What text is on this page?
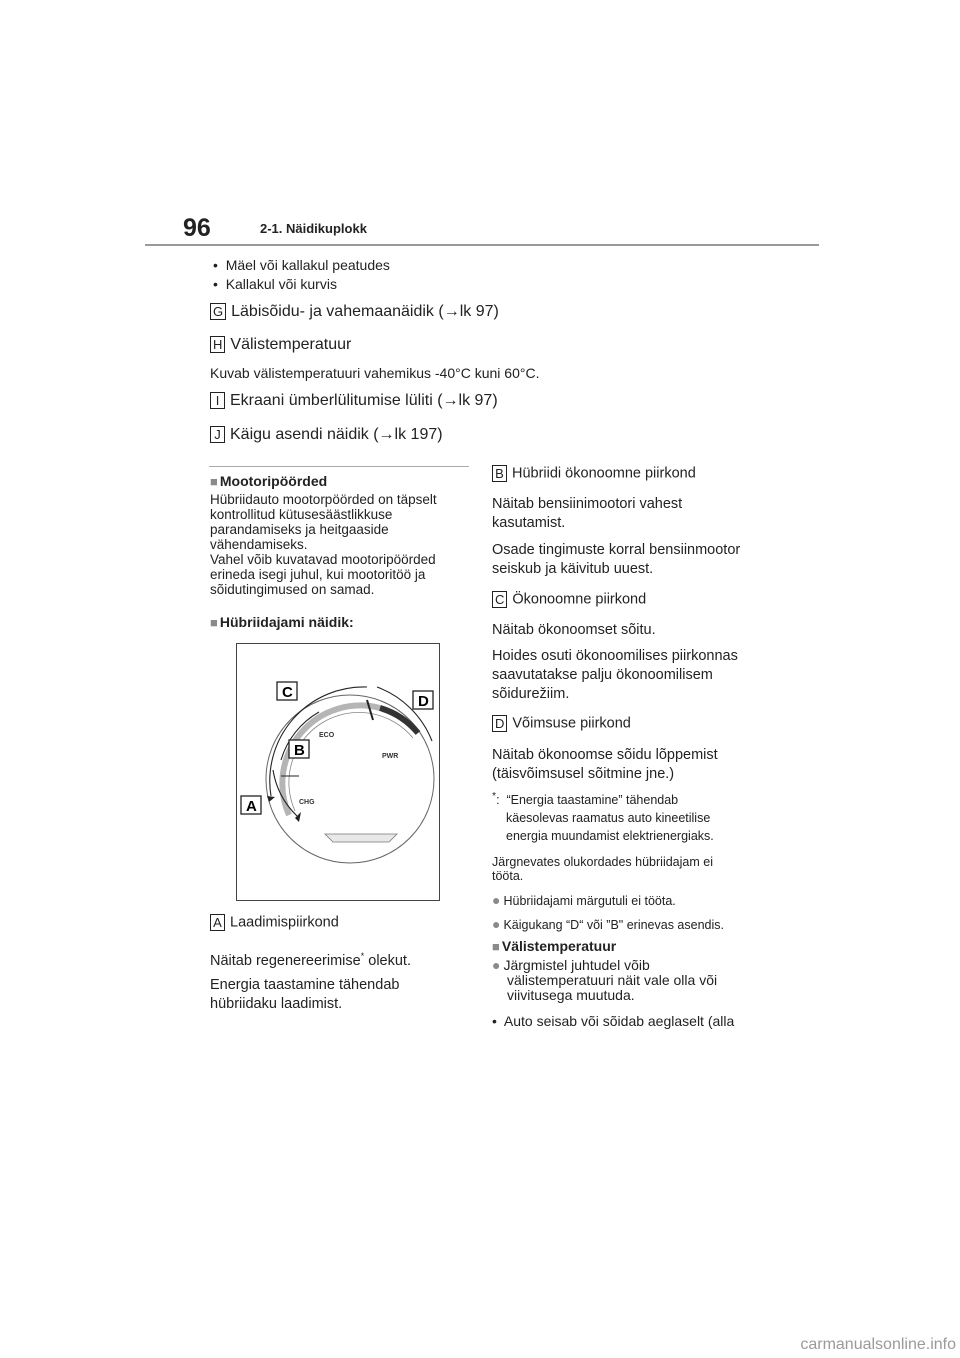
96	2-1. Näidikuplokk
•  Mäel või kallakul peatudes
•  Kallakul või kurvis
G Läbisõidu- ja vahemaanäidik (→lk 97)
H Välistemperatuur
Kuvab välistemperatuuri vahemikus -40°C kuni 60°C.
I Ekraani ümberlülitumise lüliti (→lk 97)
J Käigu asendi näidik (→lk 197)
■ Mootoripöörded
Hübriidauto mootorpöörded on täpselt
kontrollitud kütusesäästlikkuse
parandamiseks ja heitgaaside
vähendamiseks.
Vahel võib kuvatavad mootoripöörded
erineda isegi juhul, kui mootoritöö ja
sõidutingimused on samad.
■ Hübriidajami näidik:
C
D
B
A
ECO
PWR
CHG
A Laadimispiirkond
Näitab regenereerimise* olekut.
Energia taastamine tähendab
hübriidaku laadimist.
B Hübriidi ökonoomne piirkond
Näitab bensiinimootori vahest
kasutamist.
Osade tingimuste korral bensiinmootor
seiskub ja käivitub uuest.
C Ökonoomne piirkond
Näitab ökonoomset sõitu.
Hoides osuti ökonoomilises piirkonnas
saavutatakse palju ökonoomilisem
sõidurežiim.
D Võimsuse piirkond
Näitab ökonoomse sõidu lõppemist
(täisvõimsusel sõitmine jne.)
*:  “Energia taastamine” tähendab
käesolevas raamatus auto kineetilise
energia muundamist elektrienergiaks.
Järgnevates olukordades hübriidajam ei
tööta.
● Hübriidajami märgutuli ei tööta.
● Käigukang “D“ või ”B" erinevas asendis.
■ Välistemperatuur
● Järgmistel juhtudel võib
välistemperatuuri näit vale olla või
viivitusega muutuda.
•  Auto seisab või sõidab aeglaselt (alla
carmanualsonline.info
